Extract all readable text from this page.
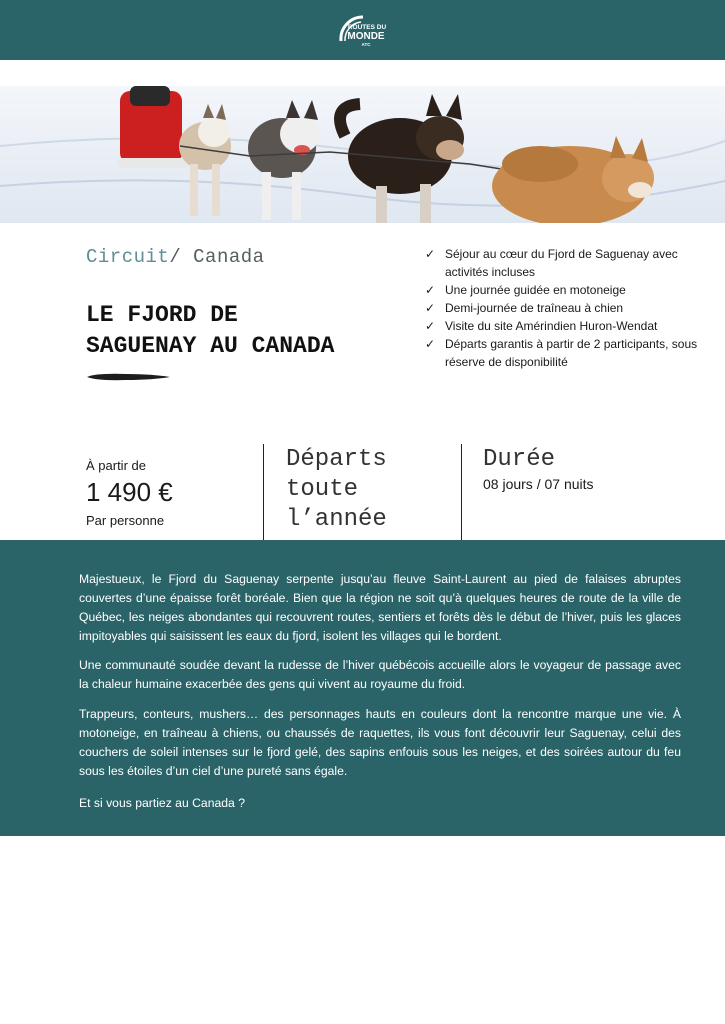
ROUTES DU
MONDE
ATC
Circuit/ Canada
LE FJORD DE
SAGUENAY AU CANADA
✓ Séjour au cœur du Fjord de Saguenay avec activités incluses
✓ Une journée guidée en motoneige
✓ Demi-journée de traîneau à chien
✓ Visite du site Amérindien Huron-Wendat
✓ Départs garantis à partir de 2 participants, sous réserve de disponibilité
À partir de
1 490 €
Par personne
Départs
toute
l’année
Durée
08 jours / 07 nuits

Majestueux, le Fjord du Saguenay serpente jusqu’au fleuve Saint-Laurent au pied de falaises abruptes couvertes d’une épaisse forêt boréale. Bien que la région ne soit qu’à quelques heures de route de la ville de Québec, les neiges abondantes qui recouvrent routes, sentiers et forêts dès le début de l’hiver, puis les glaces impitoyables qui saisissent les eaux du fjord, isolent les villages qui le bordent.

Une communauté soudée devant la rudesse de l’hiver québécois accueille alors le voyageur de passage avec la chaleur humaine exacerbée des gens qui vivent au royaume du froid.

Trappeurs, conteurs, mushers… des personnages hauts en couleurs dont la rencontre marque une vie. À motoneige, en traîneau à chiens, ou chaussés de raquettes, ils vous font découvrir leur Saguenay, celui des couchers de soleil intenses sur le fjord gelé, des sapins enfouis sous les neiges, et des soirées autour du feu sous les étoiles d’un ciel d’une pureté sans égale.

Et si vous partiez au Canada ?
